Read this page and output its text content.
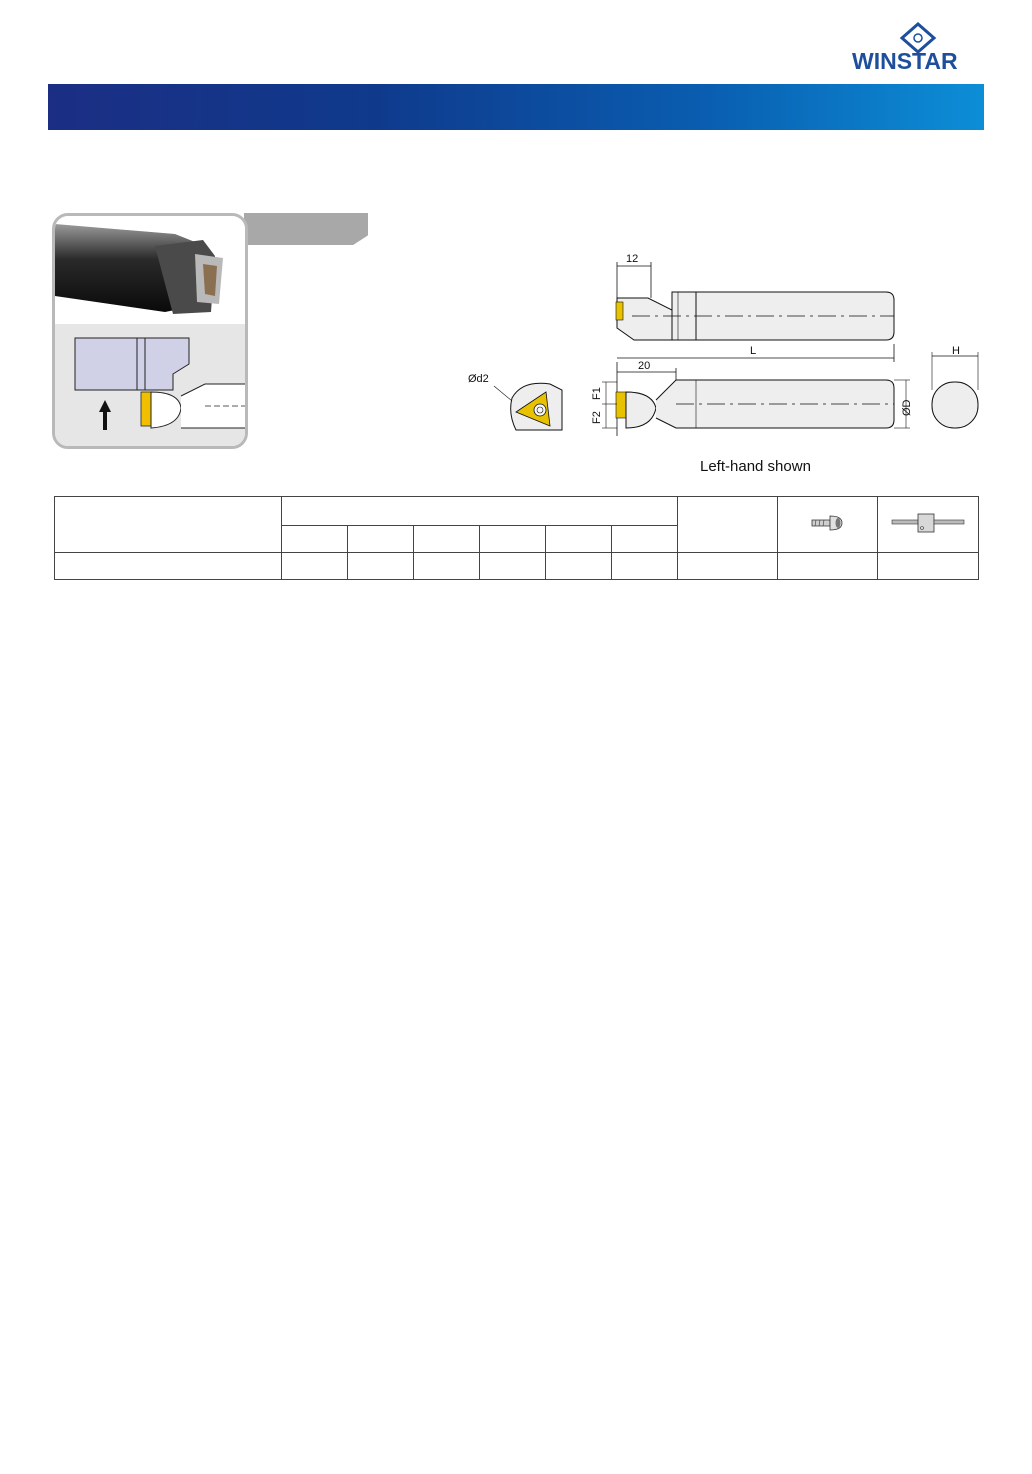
WINSTAR
12
L
20
F1
F2
ØD
H
Ød2
Left-hand shown
